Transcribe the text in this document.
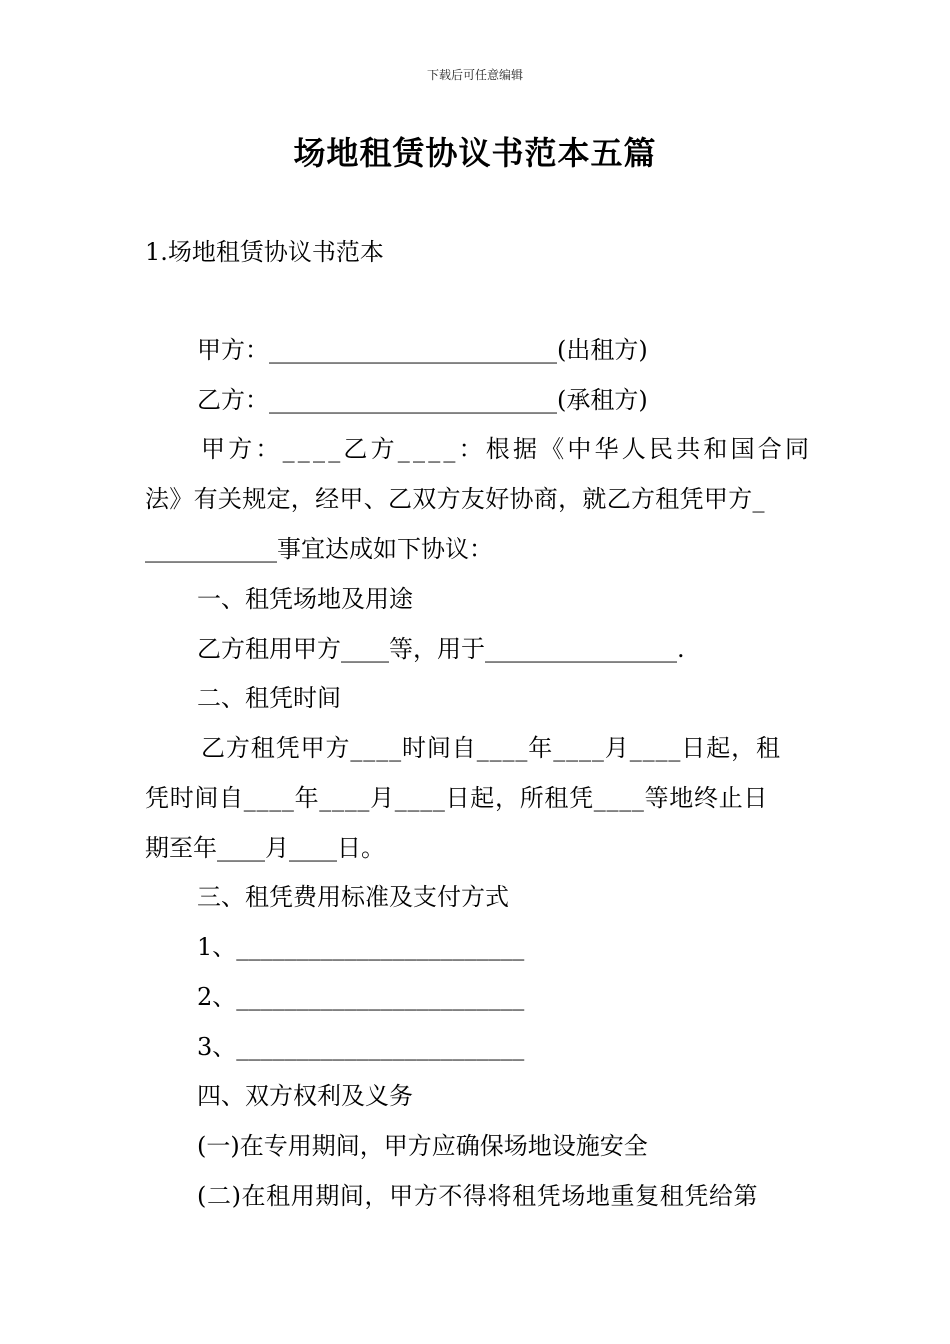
下载后可任意编辑
场地租赁协议书范本五篇
1.场地租赁协议书范本
甲方：________________________(出租方)
乙方：________________________(承租方)
甲方：____乙方____：根据《中华人民共和国合同
法》有关规定，经甲、乙双方友好协商，就乙方租凭甲方_
___________事宜达成如下协议：
一、租凭场地及用途
乙方租用甲方____等，用于________________.
二、租凭时间
乙方租凭甲方____时间自____年____月____日起，租
凭时间自____年____月____日起，所租凭____等地终止日
期至年____月____日。
三、租凭费用标准及支付方式
1、________________________
2、________________________
3、________________________
四、双方权利及义务
(一)在专用期间，甲方应确保场地设施安全
(二)在租用期间，甲方不得将租凭场地重复租凭给第
